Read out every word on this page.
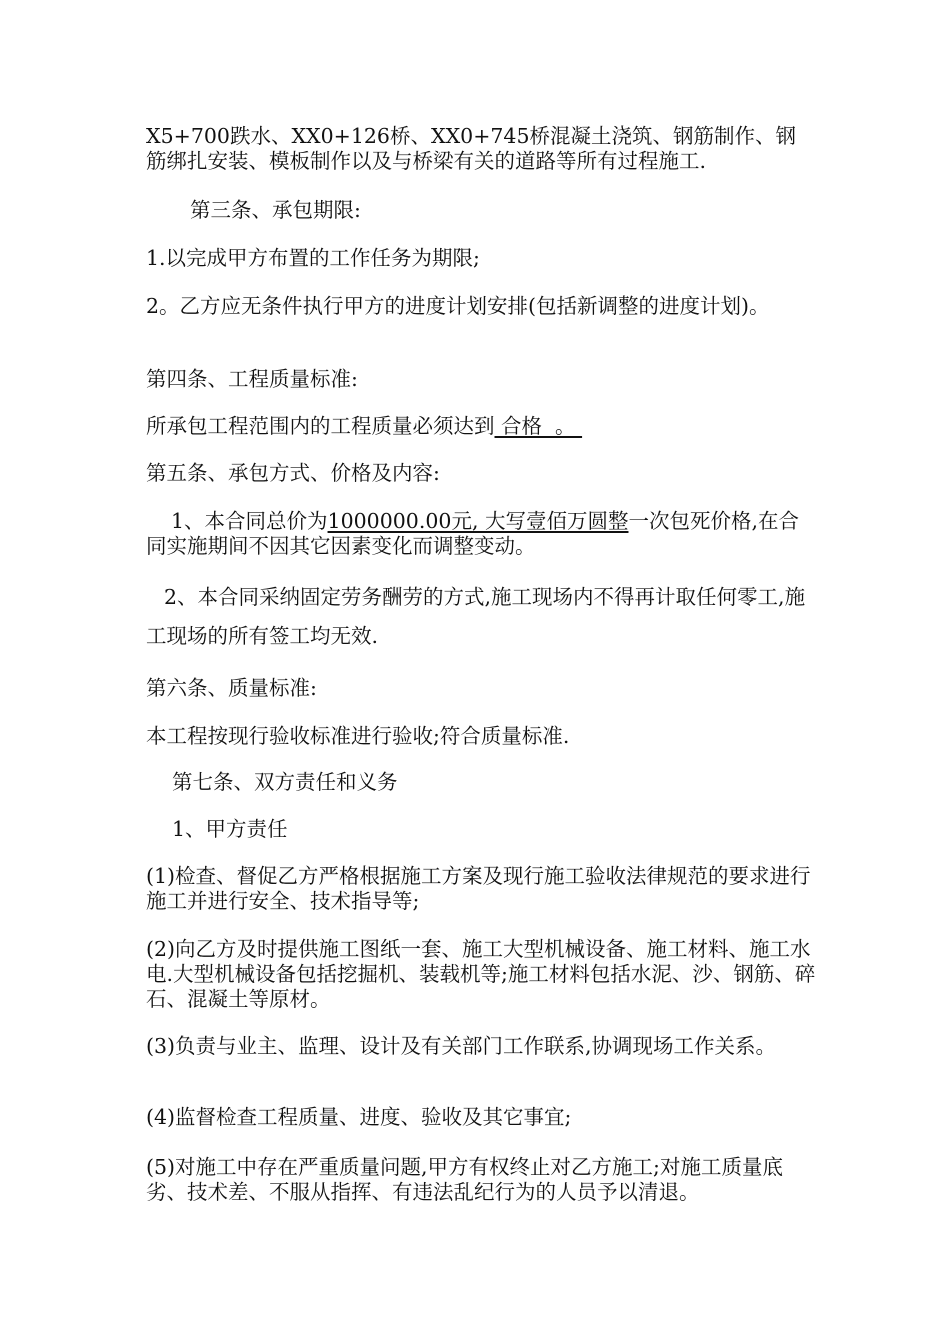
X5+700跌水、XX0+126桥、XX0+745桥混凝土浇筑、钢筋制作、钢筋绑扎安装、模板制作以及与桥梁有关的道路等所有过程施工.

第三条、承包期限:

1.以完成甲方布置的工作任务为期限;

2。乙方应无条件执行甲方的进度计划安排(包括新调整的进度计划)。

第四条、工程质量标准:

所承包工程范围内的工程质量必须达到 合格  。

第五条、承包方式、价格及内容:

1、本合同总价为1000000.00元, 大写壹佰万圆整一次包死价格,在合同实施期间不因其它因素变化而调整变动。

2、本合同采纳固定劳务酬劳的方式,施工现场内不得再计取任何零工,施工现场的所有签工均无效.

第六条、质量标准:

本工程按现行验收标准进行验收;符合质量标准.

第七条、双方责任和义务

1、甲方责任

(1)检查、督促乙方严格根据施工方案及现行施工验收法律规范的要求进行施工并进行安全、技术指导等;

(2)向乙方及时提供施工图纸一套、施工大型机械设备、施工材料、施工水电.大型机械设备包括挖掘机、装载机等;施工材料包括水泥、沙、钢筋、碎石、混凝土等原材。

(3)负责与业主、监理、设计及有关部门工作联系,协调现场工作关系。

(4)监督检查工程质量、进度、验收及其它事宜;

(5)对施工中存在严重质量问题,甲方有权终止对乙方施工;对施工质量底劣、技术差、不服从指挥、有违法乱纪行为的人员予以清退。
